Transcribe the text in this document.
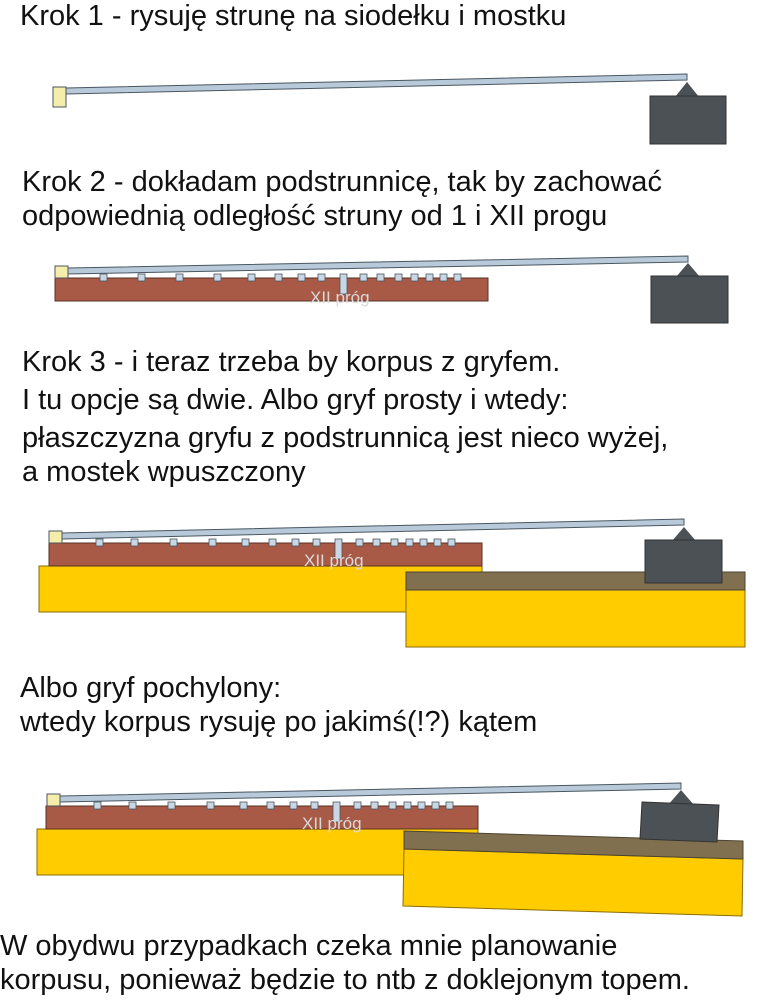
Krok 1 - rysuję strunę na siodełku i mostku

Krok 2 - dokładam podstrunnicę, tak by zachować

odpowiednią odległość struny od 1 i XII progu

Krok 3 - i teraz trzeba by korpus z gryfem.

I tu opcje są dwie. Albo gryf prosty i wtedy:

płaszczyzna gryfu z podstrunnicą jest nieco wyżej,

a mostek wpuszczony

Albo gryf pochylony:

wtedy korpus rysuję po jakimś(!?) kątem

W obydwu przypadkach czeka mnie planowanie

korpusu, ponieważ będzie to ntb z doklejonym topem.

XII próg
XII próg
XII próg
